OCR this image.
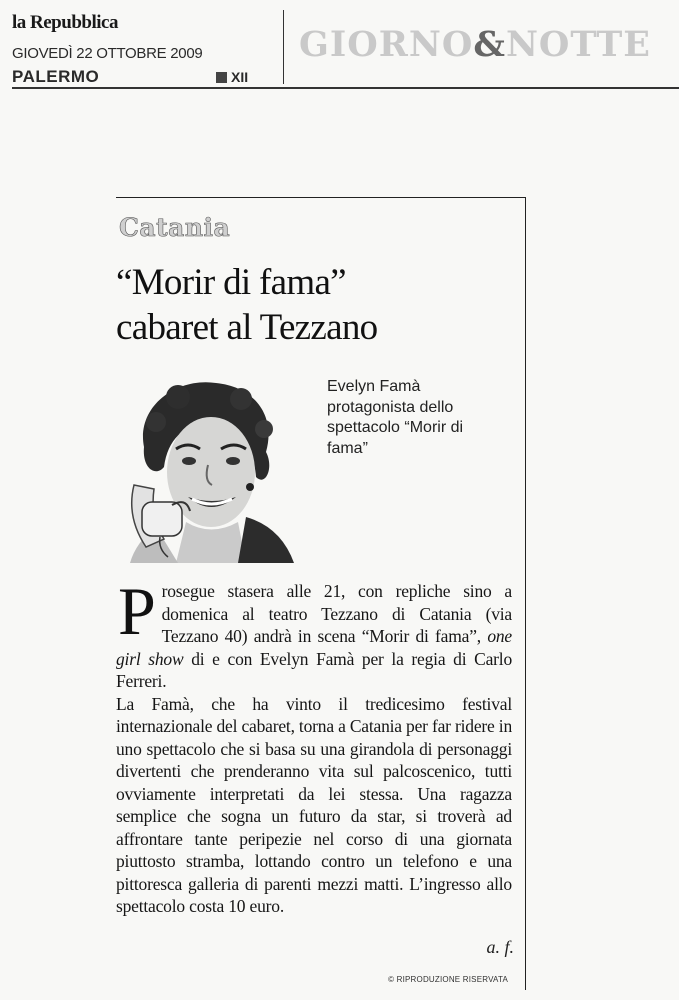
la Repubblica
GIOVEDÌ 22 OTTOBRE 2009
PALERMO	XII
GIORNO&NOTTE
Catania
“Morir di fama”
cabaret al Tezzano

Evelyn Famà protagonista dello spettacolo “Morir di fama”

Prosegue stasera alle 21, con repliche sino a domenica al teatro Tezzano di Catania (via Tezzano 40) andrà in scena “Morir di fama”, one girl show di e con Evelyn Famà per la regia di Carlo Ferreri.

La Famà, che ha vinto il tredicesimo festival internazionale del cabaret, torna a Catania per far ridere in uno spettacolo che si basa su una girandola di personaggi divertenti che prenderanno vita sul palcoscenico, tutti ovviamente interpretati da lei stessa. Una ragazza semplice che sogna un futuro da star, si troverà ad affrontare tante peripezie nel corso di una giornata piuttosto stramba, lottando contro un telefono e una pittoresca galleria di parenti mezzi matti. L’ingresso allo spettacolo costa 10 euro.

a. f.
© RIPRODUZIONE RISERVATA
